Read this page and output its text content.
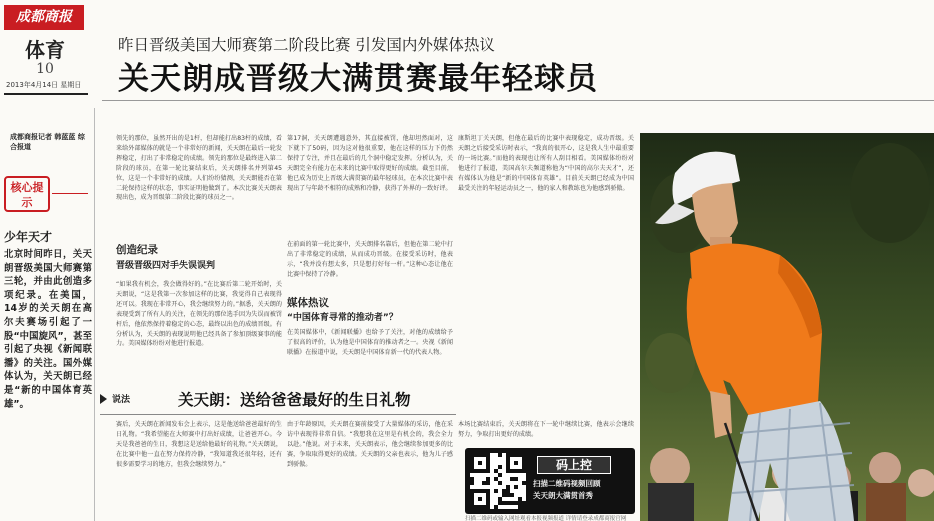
成都商报
体育
10
2013年4月14日 星期日
昨日晋级美国大师赛第二阶段比赛 引发国内外媒体热议
关天朗成晋级大满贯赛最年轻球员
成都商报记者 韩蓝蓝 综合报道
核心提示
少年天才
北京时间昨日，关天朗晋级美国大师赛第三轮，并由此创造多项纪录。在美国，14岁的关天朗在高尔夫赛场引起了一股“中国旋风”，甚至引起了央视《新闻联播》的关注。国外媒体认为，关天朗已经是“新的中国体育英雄”。
领先的那位，虽然开出的是1杆，但却能打出83杆的成绩，看来给外部媒体的就是一个非常好的新闻，关天朗在最后一轮发挥稳定，打出了非常稳定的成绩。领先的那位是最终进入第二阶段的球员，在第一轮比赛结束后，关天朗排名并列第45位，这是一个非常好的成绩。人们纷纷猜测，关天朗能否在第二轮保持这样的状态，事实证明他做到了。本次比赛关天朗表现出色，成为晋级第二阶段比赛的球员之一。
创造纪录
晋级晋级四对手失误误判
“如果我有机会，我会做得好的。”在比赛后第二轮开始时，关天朗说，“这是我第一次参加这样的比赛，我觉得自己表现得还可以。我现在非常开心，我会继续努力的。”据悉，关天朗的表现受到了所有人的关注，在领先的那位选手因为失误而被罚杆后，他依然保持着稳定的心态，最终以出色的成绩晋级。有分析认为，关天朗的表现说明他已经具备了参加顶级赛事的能力。美国媒体纷纷对他进行报道。
第17洞，关天朗遭遇意外，其直接被罚，他却坦然面对，这下就下了50码，因为这对他很重要，他在这样的压力下仍然保持了专注，并且在最后的几个洞中稳定发挥。分析认为，关天朗完全有能力在未来的比赛中取得更好的成绩。截至目前，他已成为历史上晋级大满贯赛的最年轻球员，在本次比赛中表现出了与年龄不相符的成熟和冷静，获得了外界的一致好评。
在前面的第一轮比赛中，关天朗排名靠后，但他在第二轮中打出了非常稳定的成绩，从而成功晋级。在接受采访时，他表示，“我并没有想太多，只是想打好每一杆。”这种心态让他在比赛中保持了冷静。
媒体热议
“中国体育寻常的推动者”？
在美国媒体中，《新闻联播》也给予了关注，对他的成绩给予了很高的评价，认为他是中国体育的推动者之一。央视《新闻联播》在报道中说，关天朗是中国体育新一代的代表人物。
康斯坦丁关天朗，但他在最后的比赛中表现稳定，成功晋级。关天朗之后接受采访时表示，“我真的很开心，这是我人生中最重要的一场比赛。”而他的表现也让所有人刮目相看。美国媒体纷纷对他进行了报道，美国高尔夫频道称他为“中国的高尔夫天才”，还有媒体认为他是“新的中国体育英雄”。目前关天朗已经成为中国最受关注的年轻运动员之一，他的家人和教练也为他感到骄傲。
说法	关天朗：送给爸爸最好的生日礼物
赛后，关天朗在新闻发布会上表示，这是他送给爸爸最好的生日礼物。“我希望能在大师赛中打出好成绩，让爸爸开心。今天是我爸爸的生日，我想这是送给他最好的礼物。”关天朗说，在比赛中他一直在努力保持冷静，“我知道我还很年轻，还有很多需要学习的地方，但我会继续努力。”
由于年龄原因，关天朗在赛前接受了大量媒体的采访，他在采访中表现得非常自信。“我想我在这里是有机会的，我会全力以赴。”他说。对于未来，关天朗表示，他会继续参加更多的比赛，争取取得更好的成绩。关天朗的父亲也表示，他为儿子感到骄傲。
本场比赛结束后，关天朗将在下一轮中继续比赛，他表示会继续努力，争取打出更好的成绩。
码上控
扫描二维码视频回顾
关天朗大满贯首秀
扫描二维码或输入网址观看本报视频报道 详情请登录成都商报官网
